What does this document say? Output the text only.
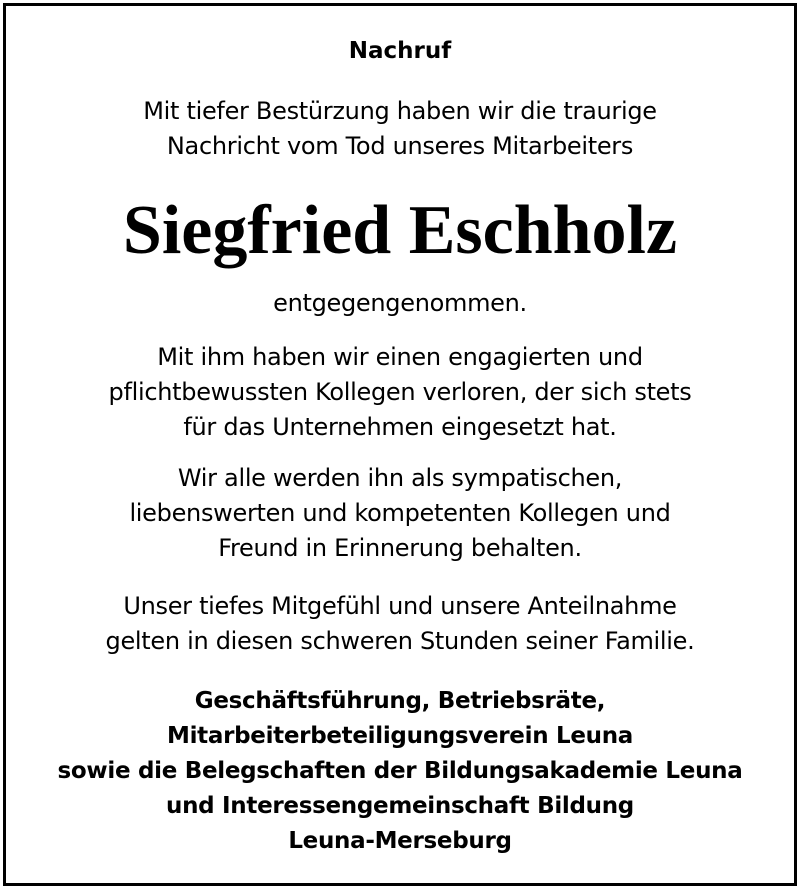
Nachruf
Mit tiefer Bestürzung haben wir die traurige
Nachricht vom Tod unseres Mitarbeiters
Siegfried Eschholz
entgegengenommen.
Mit ihm haben wir einen engagierten und
pflichtbewussten Kollegen verloren, der sich stets
für das Unternehmen eingesetzt hat.
Wir alle werden ihn als sympatischen,
liebenswerten und kompetenten Kollegen und
Freund in Erinnerung behalten.
Unser tiefes Mitgefühl und unsere Anteilnahme
gelten in diesen schweren Stunden seiner Familie.
Geschäftsführung, Betriebsräte,
Mitarbeiterbeteiligungsverein Leuna
sowie die Belegschaften der Bildungsakademie Leuna
und Interessengemeinschaft Bildung
Leuna-Merseburg
